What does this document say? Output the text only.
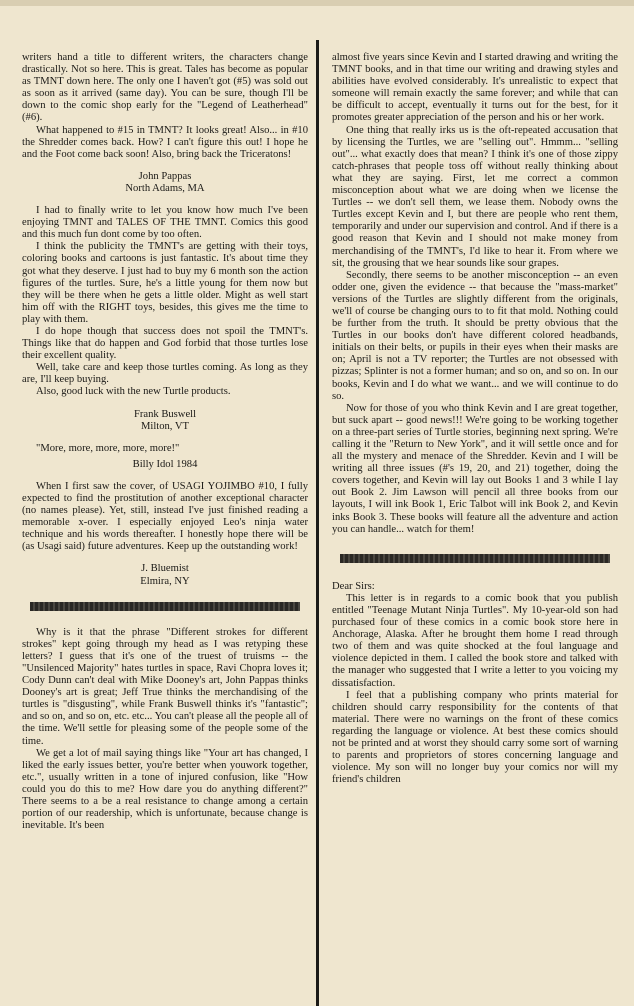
writers hand a title to different writers, the characters change drastically. Not so here. This is great. Tales has become as popular as TMNT down here. The only one I haven't got (#5) was sold out as soon as it arrived (same day). You can be sure, though I'll be down to the comic shop early for the "Legend of Leatherhead" (#6).

What happened to #15 in TMNT? It looks great! Also... in #10 the Shredder comes back. How? I can't figure this out! I hope he and the Foot come back soon! Also, bring back the Triceratons!

John Pappas
North Adams, MA

I had to finally write to let you know how much I've been enjoying TMNT and TALES OF THE TMNT. Comics this good and this much fun dont come by too often.

I think the publicity the TMNT's are getting with their toys, coloring books and cartoons is just fantastic. It's about time they got what they deserve. I just had to buy my 6 month son the action figures of the turtles. Sure, he's a little young for them now but they will be there when he gets a little older. Might as well start him off with the RIGHT toys, besides, this gives me the time to play with them.

I do hope though that success does not spoil the TMNT's. Things like that do happen and God forbid that those turtles lose their excellent quality.

Well, take care and keep those turtles coming. As long as they are, I'll keep buying.

Also, good luck with the new Turtle products.

Frank Buswell
Milton, VT
"More, more, more, more, more!"
Billy Idol 1984

When I first saw the cover, of USAGI YOJIMBO #10, I fully expected to find the prostitution of another exceptional character (no names please). Yet, still, instead I've just finished reading a memorable x-over. I especially enjoyed Leo's ninja water technique and his words thereafter. I honestly hope there will be (as Usagi said) future adventures. Keep up the outstanding work!

J. Bluemist
Elmira, NY

Why is it that the phrase "Different strokes for different strokes" kept going through my head as I was retyping these letters? I guess that it's one of the truest of truisms -- the "Unsilenced Majority" hates turtles in space, Ravi Chopra loves it; Cody Dunn can't deal with Mike Dooney's art, John Pappas thinks Dooney's art is great; Jeff True thinks the merchandising of the turtles is "disgusting", while Frank Buswell thinks it's "fantastic"; and so on, and so on, etc. etc... You can't please all the people all of the time. We'll settle for pleasing some of the people some of the time.

We get a lot of mail saying things like "Your art has changed, I liked the early issues better, you're better when youwork together, etc.", usually written in a tone of injured confusion, like "How could you do this to me? How dare you do anything different?" There seems to a be a real resistance to change among a certain portion of our readership, which is unfortunate, because change is inevitable. It's been

almost five years since Kevin and I started drawing and writing the TMNT books, and in that time our writing and drawing styles and abilities have evolved considerably. It's unrealistic to expect that someone will remain exactly the same forever; and while that can be difficult to accept, eventually it turns out for the best, for it promotes greater appreciation of the person and his or her work.

One thing that really irks us is the oft-repeated accusation that by licensing the Turtles, we are "selling out". Hmmm... "selling out"... what exactly does that mean? I think it's one of those zippy catch-phrases that people toss off without really thinking about what they are saying. First, let me correct a common misconception about what we are doing when we license the Turtles -- we don't sell them, we lease them. Nobody owns the Turtles except Kevin and I, but there are people who rent them, temporarily and under our supervision and control. And if there is a good reason that Kevin and I should not make money from merchandising of the TMNT's, I'd like to hear it. From where we sit, the grousing that we hear sounds like sour grapes.

Secondly, there seems to be another misconception -- an even odder one, given the evidence -- that because the "mass-market" versions of the Turtles are slightly different from the originals, we'll of course be changing ours to to fit that mold. Nothing could be further from the truth. It should be pretty obvious that the Turtles in our books don't have different colored headbands, initials on their belts, or pupils in their eyes when their masks are on; April is not a TV reporter; the Turtles are not obsessed with pizzas; Splinter is not a former human; and so on, and so on. In our books, Kevin and I do what we want... and we will continue to do so.

Now for those of you who think Kevin and I are great together, but suck apart -- good news!!! We're going to be working together on a three-part series of Turtle stories, beginning next spring. We're calling it the "Return to New York", and it will settle once and for all the mystery and menace of the Shredder. Kevin and I will be writing all three issues (#'s 19, 20, and 21) together, doing the covers together, and Kevin will lay out Books 1 and 3 while I lay out Book 2. Jim Lawson will pencil all three books from our layouts, I will ink Book 1, Eric Talbot will ink Book 2, and Kevin inks Book 3. These books will feature all the adventure and action you can handle... watch for them!

Dear Sirs:

This letter is in regards to a comic book that you publish entitled "Teenage Mutant Ninja Turtles". My 10-year-old son had purchased four of these comics in a comic book store here in Anchorage, Alaska. After he brought them home I read through two of them and was quite shocked at the foul language and violence depicted in them. I called the book store and talked with the manager who suggested that I write a letter to you voicing my dissatisfaction.

I feel that a publishing company who prints material for children should carry responsibility for the contents of that material. There were no warnings on the front of these comics regarding the language or violence. At best these comics should not be printed and at worst they should carry some sort of warning to parents and proprietors of stores concerning language and violence. My son will no longer buy your comics nor will my friend's children
